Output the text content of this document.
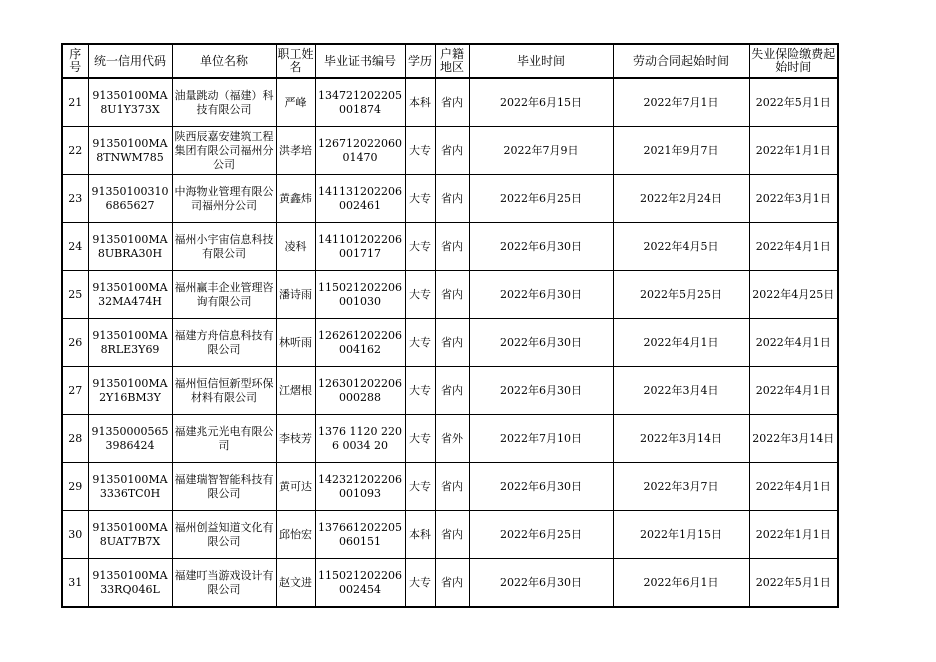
序号	统一信用代码	单位名称	职工姓名	毕业证书编号	学历	户籍地区	毕业时间	劳动合同起始时间	失业保险缴费起始时间
21	91350100MA8U1Y373X	油量跳动（福建）科技有限公司	严峰	134721202205001874	本科	省内	2022年6月15日	2022年7月1日	2022年5月1日
22	91350100MA8TNWM785	陕西辰嘉安建筑工程集团有限公司福州分公司	洪孝培	12671202206001470	大专	省内	2022年7月9日	2021年9月7日	2022年1月1日
23	913501003106865627	中海物业管理有限公司福州分公司	黄鑫炜	141131202206002461	大专	省内	2022年6月25日	2022年2月24日	2022年3月1日
24	91350100MA8UBRA30H	福州小宇宙信息科技有限公司	凌科	141101202206001717	大专	省内	2022年6月30日	2022年4月5日	2022年4月1日
25	91350100MA32MA474H	福州赢丰企业管理咨询有限公司	潘诗雨	115021202206001030	大专	省内	2022年6月30日	2022年5月25日	2022年4月25日
26	91350100MA8RLE3Y69	福建方舟信息科技有限公司	林听雨	126261202206004162	大专	省内	2022年6月30日	2022年4月1日	2022年4月1日
27	91350100MA2Y16BM3Y	福州恒信恒新型环保材料有限公司	江熠根	126301202206000288	大专	省内	2022年6月30日	2022年3月4日	2022年4月1日
28	913500005653986424	福建兆元光电有限公司	李枝芳	1376 1120 2206 0034 20	大专	省外	2022年7月10日	2022年3月14日	2022年3月14日
29	91350100MA3336TC0H	福建瑞智智能科技有限公司	黄可达	142321202206001093	大专	省内	2022年6月30日	2022年3月7日	2022年4月1日
30	91350100MA8UAT7B7X	福州创益知道文化有限公司	邱怡宏	137661202205060151	本科	省内	2022年6月25日	2022年1月15日	2022年1月1日
31	91350100MA33RQ046L	福建叮当游戏设计有限公司	赵文进	115021202206002454	大专	省内	2022年6月30日	2022年6月1日	2022年5月1日
